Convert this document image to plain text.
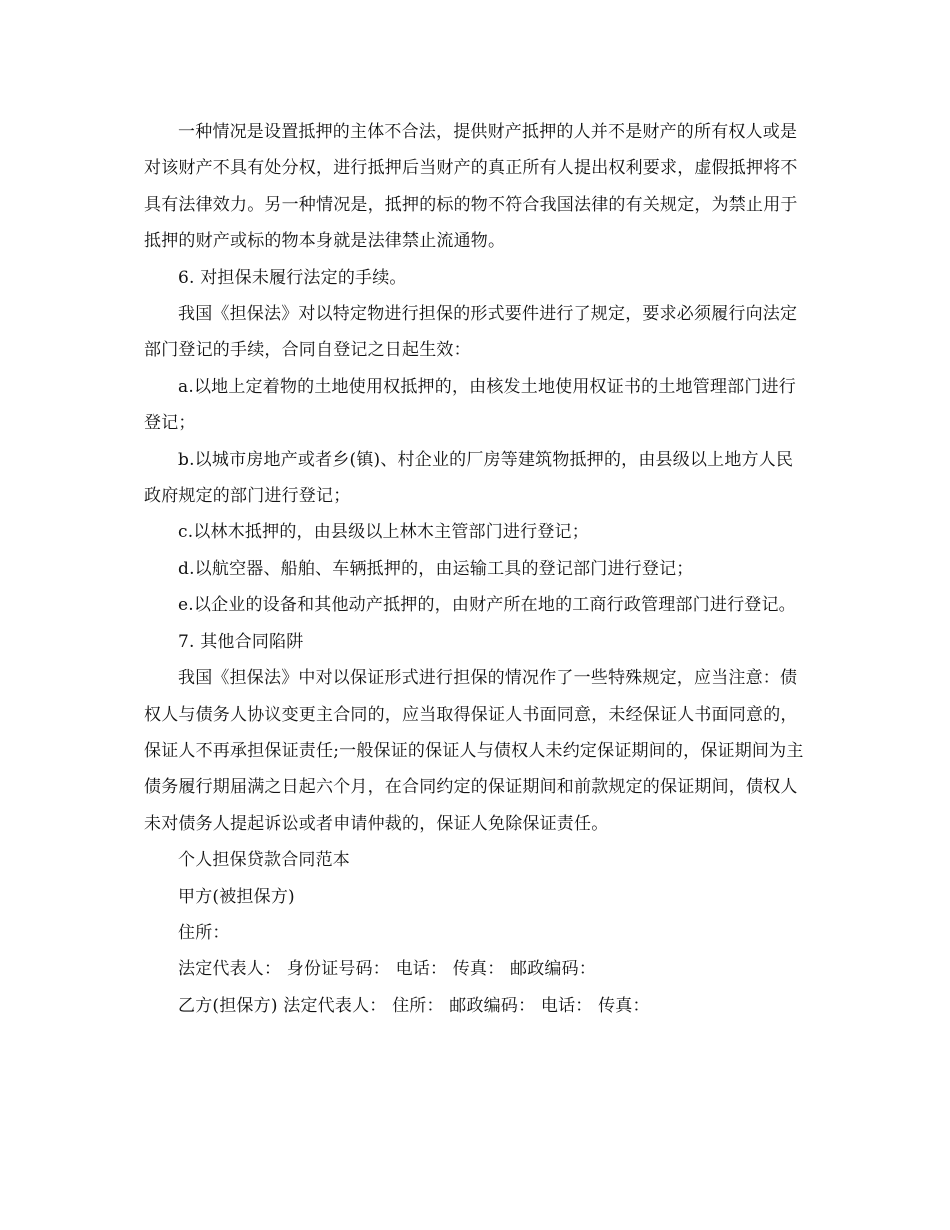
一种情况是设置抵押的主体不合法，提供财产抵押的人并不是财产的所有权人或是对该财产不具有处分权，进行抵押后当财产的真正所有人提出权利要求，虚假抵押将不具有法律效力。另一种情况是，抵押的标的物不符合我国法律的有关规定，为禁止用于抵押的财产或标的物本身就是法律禁止流通物。

6. 对担保未履行法定的手续。

我国《担保法》对以特定物进行担保的形式要件进行了规定，要求必须履行向法定部门登记的手续，合同自登记之日起生效：

a.以地上定着物的土地使用权抵押的，由核发土地使用权证书的土地管理部门进行登记；

b.以城市房地产或者乡(镇)、村企业的厂房等建筑物抵押的，由县级以上地方人民政府规定的部门进行登记；

c.以林木抵押的，由县级以上林木主管部门进行登记；

d.以航空器、船舶、车辆抵押的，由运输工具的登记部门进行登记；

e.以企业的设备和其他动产抵押的，由财产所在地的工商行政管理部门进行登记。

7. 其他合同陷阱

我国《担保法》中对以保证形式进行担保的情况作了一些特殊规定，应当注意：债权人与债务人协议变更主合同的，应当取得保证人书面同意，未经保证人书面同意的，保证人不再承担保证责任;一般保证的保证人与债权人未约定保证期间的，保证期间为主债务履行期届满之日起六个月，在合同约定的保证期间和前款规定的保证期间，债权人未对债务人提起诉讼或者申请仲裁的，保证人免除保证责任。

个人担保贷款合同范本

甲方(被担保方)

住所：

法定代表人： 身份证号码： 电话： 传真： 邮政编码：

乙方(担保方) 法定代表人： 住所： 邮政编码： 电话： 传真：
